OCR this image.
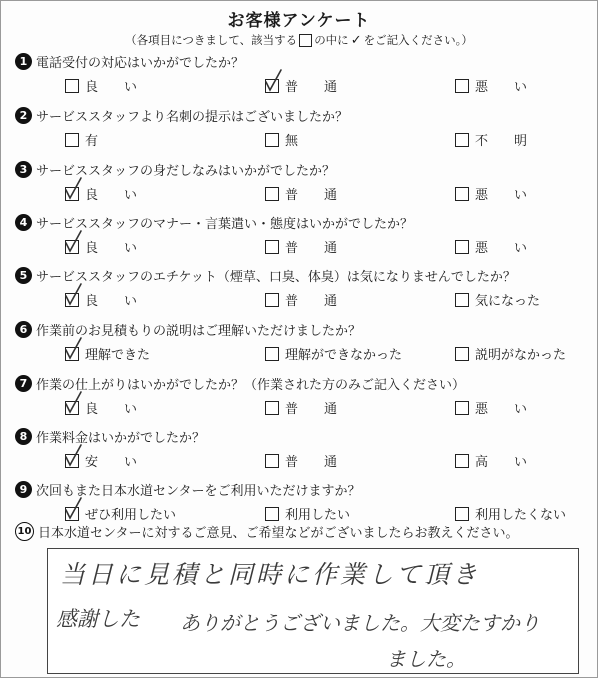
お客様アンケート
（各項目につきまして、該当する の中に ✓ をご記入ください。）
1 電話受付の対応はいかがでしたか？
良　　い	普　　通	悪　　い
2 サービススタッフより名刺の提示はございましたか？
有	無	不　　明
3 サービススタッフの身だしなみはいかがでしたか？
良　　い	普　　通	悪　　い
4 サービススタッフのマナー・言葉遣い・態度はいかがでしたか？
良　　い	普　　通	悪　　い
5 サービススタッフのエチケット（煙草、口臭、体臭）は気になりませんでしたか？
良　　い	普　　通	気になった
6 作業前のお見積もりの説明はご理解いただけましたか？
理解できた	理解ができなかった	説明がなかった
7 作業の仕上がりはいかがでしたか？（作業された方のみご記入ください）
良　　い	普　　通	悪　　い
8 作業料金はいかがでしたか？
安　　い	普　　通	高　　い
9 次回もまた日本水道センターをご利用いただけますか？
ぜひ利用したい	利用したい	利用したくない
10 日本水道センターに対するご意見、ご希望などがございましたらお教えください。
当日に見積と同時に作業して頂き
感謝した ありがとうございました。大変たすかり
ました。
